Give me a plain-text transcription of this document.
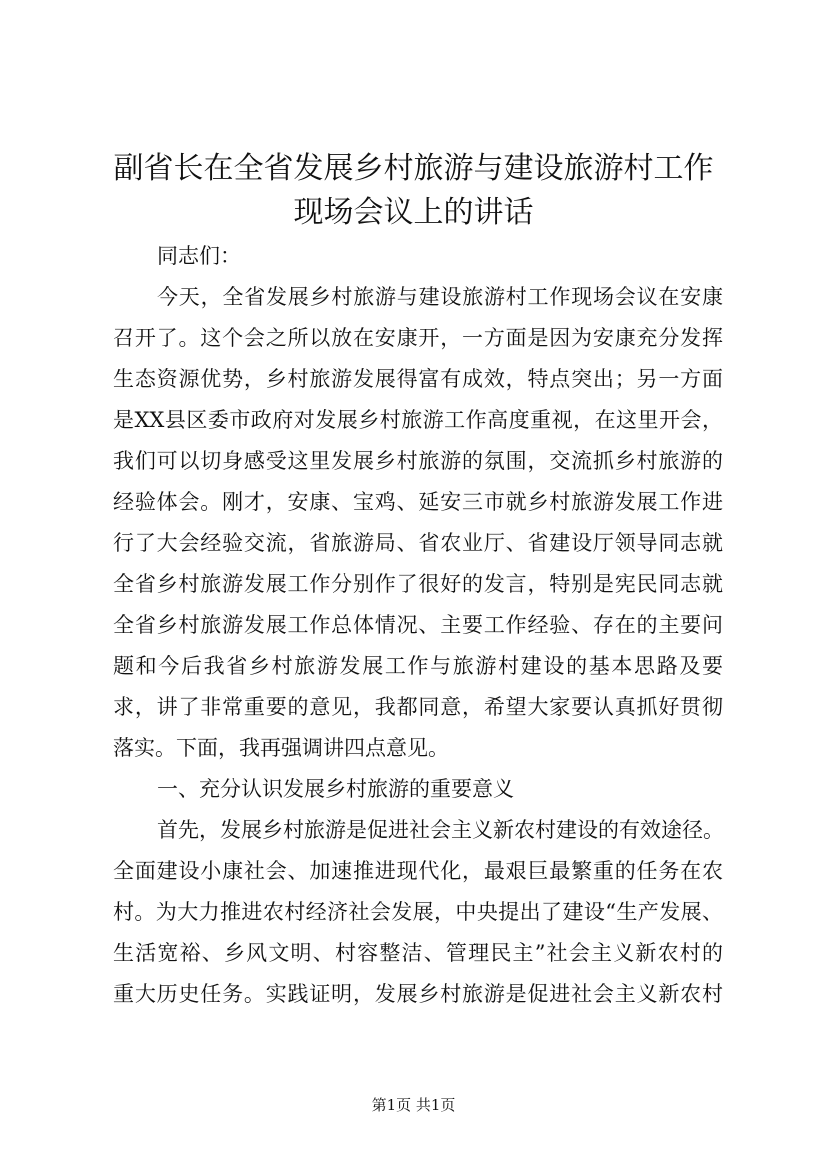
副省长在全省发展乡村旅游与建设旅游村工作
现场会议上的讲话
同志们：
今天，全省发展乡村旅游与建设旅游村工作现场会议在安康
召开了。这个会之所以放在安康开，一方面是因为安康充分发挥
生态资源优势，乡村旅游发展得富有成效，特点突出；另一方面
是XX县区委市政府对发展乡村旅游工作高度重视，在这里开会，
我们可以切身感受这里发展乡村旅游的氛围，交流抓乡村旅游的
经验体会。刚才，安康、宝鸡、延安三市就乡村旅游发展工作进
行了大会经验交流，省旅游局、省农业厅、省建设厅领导同志就
全省乡村旅游发展工作分别作了很好的发言，特别是宪民同志就
全省乡村旅游发展工作总体情况、主要工作经验、存在的主要问
题和今后我省乡村旅游发展工作与旅游村建设的基本思路及要
求，讲了非常重要的意见，我都同意，希望大家要认真抓好贯彻
落实。下面，我再强调讲四点意见。
一、充分认识发展乡村旅游的重要意义
首先，发展乡村旅游是促进社会主义新农村建设的有效途径。
全面建设小康社会、加速推进现代化，最艰巨最繁重的任务在农
村。为大力推进农村经济社会发展，中央提出了建设“生产发展、
生活宽裕、乡风文明、村容整洁、管理民主”社会主义新农村的
重大历史任务。实践证明，发展乡村旅游是促进社会主义新农村
第1页 共1页
